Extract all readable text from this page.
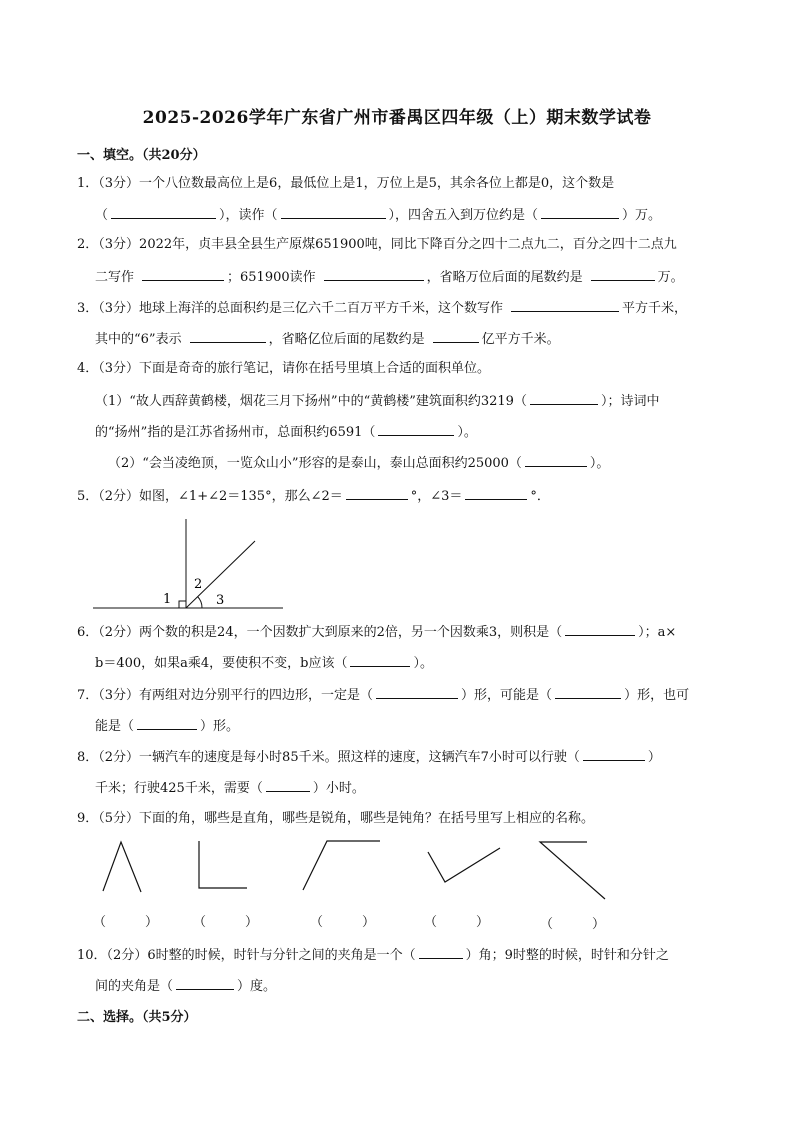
2025-2026学年广东省广州市番禺区四年级（上）期末数学试卷
一、填空。（共20分）
1．（3分）一个八位数最高位上是6，最低位上是1，万位上是5，其余各位上都是0，这个数是
（	），读作（	），四舍五入到万位约是（	）万。
2．（3分）2022年，贞丰县全县生产原煤651900吨，同比下降百分之四十二点九二，百分之四十二点九
二写作	；651900读作	，省略万位后面的尾数约是	万。
3．（3分）地球上海洋的总面积约是三亿六千二百万平方千米，这个数写作	平方千米，
其中的“6”表示	，省略亿位后面的尾数约是	亿平方千米。
4．（3分）下面是奇奇的旅行笔记，请你在括号里填上合适的面积单位。
（1）“故人西辞黄鹤楼，烟花三月下扬州”中的“黄鹤楼”建筑面积约3219（	）；诗词中
的“扬州”指的是江苏省扬州市，总面积约6591（	）。
（2）“会当凌绝顶，一览众山小”形容的是泰山，泰山总面积约25000（	）。
5．（2分）如图，∠1+∠2＝135°，那么∠2＝	°，∠3＝	°．
1
2
3
6．（2分）两个数的积是24，一个因数扩大到原来的2倍，另一个因数乘3，则积是（	）；a×
b＝400，如果a乘4，要使积不变，b应该（	）。
7．（3分）有两组对边分别平行的四边形，一定是（	）形，可能是（	）形，也可
能是（	）形。
8．（2分）一辆汽车的速度是每小时85千米。照这样的速度，这辆汽车7小时可以行驶（	）
千米；行驶425千米，需要（	）小时。
9．（5分）下面的角，哪些是直角，哪些是锐角，哪些是钝角？在括号里写上相应的名称。
（　　　）	（　　　）	（　　　）	（　　　）	（　　　）
10．（2分）6时整的时候，时针与分针之间的夹角是一个（	）角；9时整的时候，时针和分针之
间的夹角是（	）度。
二、选择。（共5分）
